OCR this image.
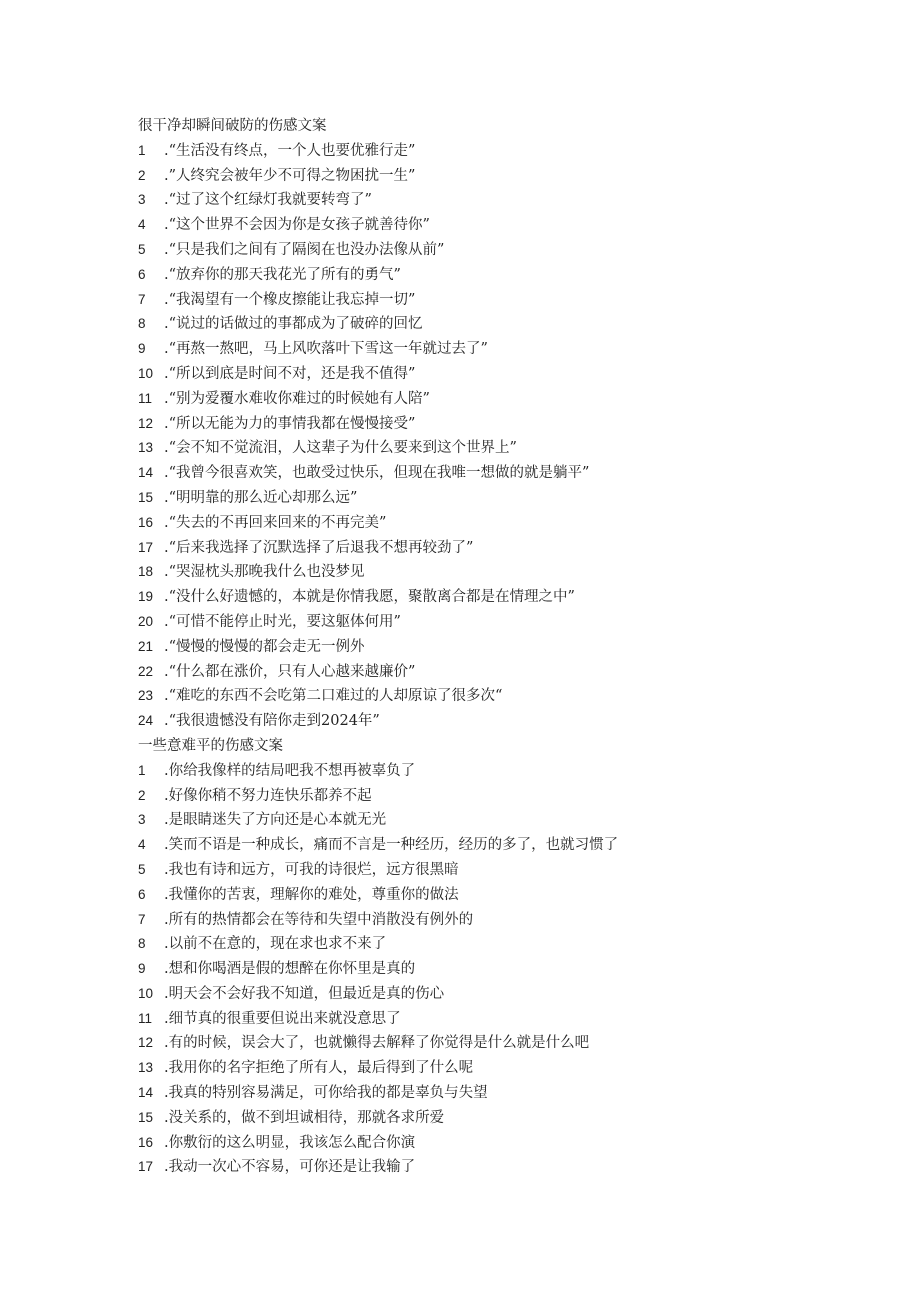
很干净却瞬间破防的伤感文案
1	.“生活没有终点，一个人也要优雅行走”
2	.”人终究会被年少不可得之物困扰一生”
3	.“过了这个红绿灯我就要转弯了”
4	.“这个世界不会因为你是女孩子就善待你”
5	.“只是我们之间有了隔阂在也没办法像从前”
6	.“放弃你的那天我花光了所有的勇气”
7	.“我渴望有一个橡皮擦能让我忘掉一切”
8	.“说过的话做过的事都成为了破碎的回忆
9	.“再熬一熬吧，马上风吹落叶下雪这一年就过去了”
10 .“所以到底是时间不对，还是我不值得”
11 .“别为爱覆水难收你难过的时候她有人陪”
12 .“所以无能为力的事情我都在慢慢接受”
13 .“会不知不觉流泪，人这辈子为什么要来到这个世界上”
14 .“我曾今很喜欢笑，也敢受过快乐，但现在我唯一想做的就是躺平”
15 .“明明靠的那么近心却那么远”
16 .“失去的不再回来回来的不再完美”
17 .“后来我选择了沉默选择了后退我不想再较劲了”
18 .“哭湿枕头那晚我什么也没梦见
19 .“没什么好遗憾的，本就是你情我愿，聚散离合都是在情理之中”
20 .“可惜不能停止时光，要这躯体何用”
21 .“慢慢的慢慢的都会走无一例外
22 .“什么都在涨价，只有人心越来越廉价”
23 .“难吃的东西不会吃第二口难过的人却原谅了很多次“
24 .“我很遗憾没有陪你走到2024年”
一些意难平的伤感文案
1	.你给我像样的结局吧我不想再被辜负了
2	.好像你稍不努力连快乐都养不起
3	.是眼睛迷失了方向还是心本就无光
4	.笑而不语是一种成长，痛而不言是一种经历，经历的多了，也就习惯了
5	.我也有诗和远方，可我的诗很烂，远方很黑暗
6	.我懂你的苦衷，理解你的难处，尊重你的做法
7	.所有的热情都会在等待和失望中消散没有例外的
8	.以前不在意的，现在求也求不来了
9	.想和你喝酒是假的想醉在你怀里是真的
10 .明天会不会好我不知道，但最近是真的伤心
11 .细节真的很重要但说出来就没意思了
12 .有的时候，误会大了，也就懒得去解释了你觉得是什么就是什么吧
13 .我用你的名字拒绝了所有人，最后得到了什么呢
14 .我真的特别容易满足，可你给我的都是辜负与失望
15 .没关系的，做不到坦诚相待，那就各求所爱
16 .你敷衍的这么明显，我该怎么配合你演
17 .我动一次心不容易，可你还是让我输了
